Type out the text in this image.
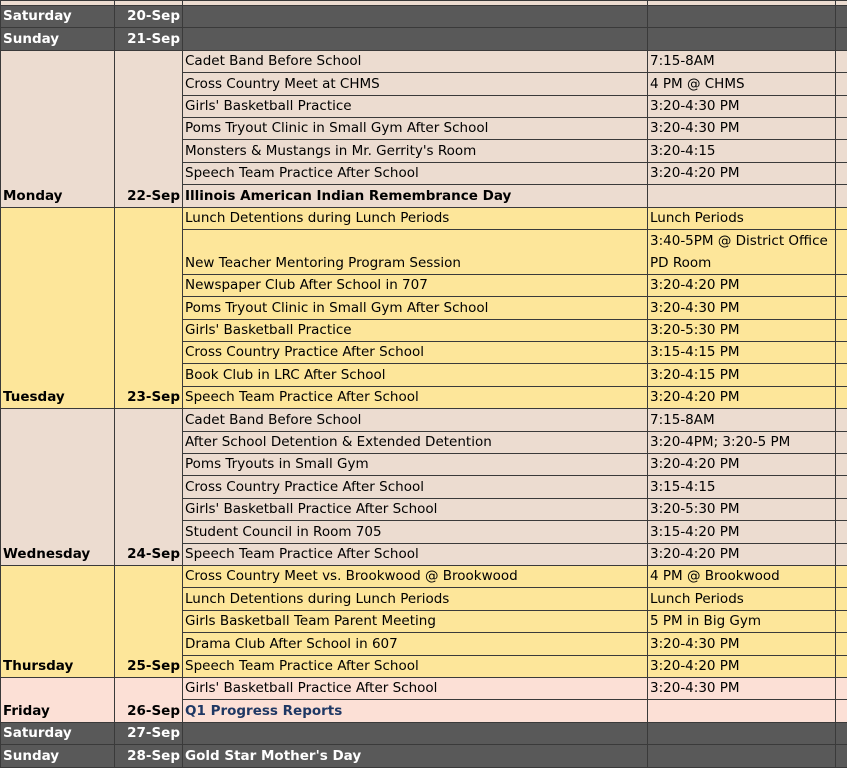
Saturday	20-Sep			
Sunday	21-Sep			
Monday	22-Sep	Cadet Band Before School	7:15-8AM	
		Cross Country Meet at CHMS	4 PM @ CHMS	
		Girls' Basketball Practice	3:20-4:30 PM	
		Poms Tryout Clinic in Small Gym After School	3:20-4:30 PM	
		Monsters & Mustangs in Mr. Gerrity's Room	3:20-4:15	
		Speech Team Practice After School	3:20-4:20 PM	
		Illinois American Indian Remembrance Day		
Tuesday	23-Sep	Lunch Detentions during Lunch Periods	Lunch Periods	
		New Teacher Mentoring Program Session	3:40-5PM @ District Office PD Room	
		Newspaper Club After School in 707	3:20-4:20 PM	
		Poms Tryout Clinic in Small Gym After School	3:20-4:30 PM	
		Girls' Basketball Practice	3:20-5:30 PM	
		Cross Country Practice After School	3:15-4:15 PM	
		Book Club in LRC After School	3:20-4:15 PM	
		Speech Team Practice After School	3:20-4:20 PM	
Wednesday	24-Sep	Cadet Band Before School	7:15-8AM	
		After School Detention & Extended Detention	3:20-4PM; 3:20-5 PM	
		Poms Tryouts in Small Gym	3:20-4:20 PM	
		Cross Country Practice After School	3:15-4:15	
		Girls' Basketball Practice After School	3:20-5:30 PM	
		Student Council in Room 705	3:15-4:20 PM	
		Speech Team Practice After School	3:20-4:20 PM	
Thursday	25-Sep	Cross Country Meet vs. Brookwood @ Brookwood	4 PM @ Brookwood	
		Lunch Detentions during Lunch Periods	Lunch Periods	
		Girls Basketball Team Parent Meeting	5 PM in Big Gym	
		Drama Club After School in 607	3:20-4:30 PM	
		Speech Team Practice After School	3:20-4:20 PM	
Friday	26-Sep	Girls' Basketball Practice After School	3:20-4:30 PM	
		Q1 Progress Reports		
Saturday	27-Sep			
Sunday	28-Sep	Gold Star Mother's Day		
